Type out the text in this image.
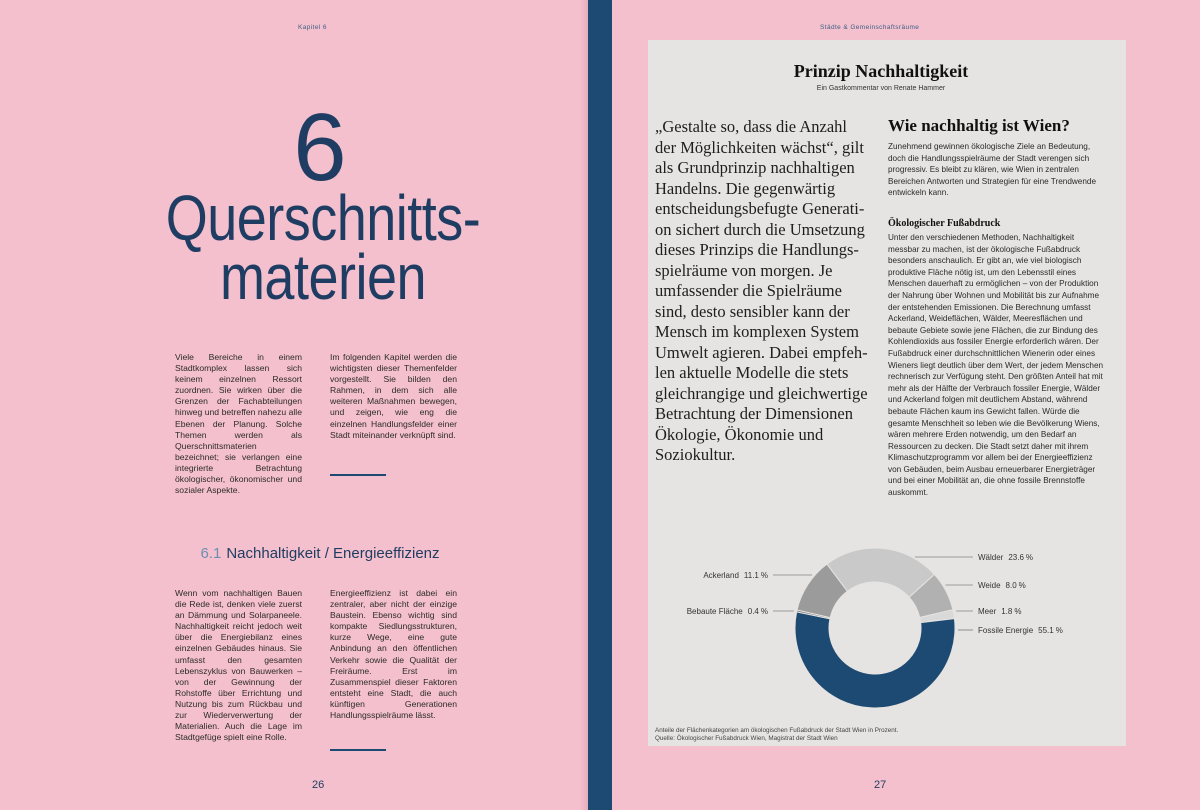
Kapitel 6
6
Querschnitts-
materien
Viele Bereiche in einem Stadtkomplex lassen sich keinem einzelnen Ressort zuordnen. Sie wirken über die Grenzen der Fachabteilungen hinweg und betreffen nahezu alle Ebenen der Planung. Solche Themen werden als Querschnittsmaterien bezeichnet; sie verlangen eine integrierte Betrachtung ökologischer, ökonomischer und sozialer Aspekte.
Im folgenden Kapitel werden die wichtigsten dieser Themenfelder vorgestellt. Sie bilden den Rahmen, in dem sich alle weiteren Maßnahmen bewegen, und zeigen, wie eng die einzelnen Handlungsfelder einer Stadt miteinander verknüpft sind.
6.1 Nachhaltigkeit / Energieeffizienz
Wenn vom nachhaltigen Bauen die Rede ist, denken viele zuerst an Dämmung und Solarpaneele. Nachhaltigkeit reicht jedoch weit über die Energiebilanz eines einzelnen Gebäudes hinaus. Sie umfasst den gesamten Lebenszyklus von Bauwerken – von der Gewinnung der Rohstoffe über Errichtung und Nutzung bis zum Rückbau und zur Wiederverwertung der Materialien. Auch die Lage im Stadtgefüge spielt eine Rolle.
Energieeffizienz ist dabei ein zentraler, aber nicht der einzige Baustein. Ebenso wichtig sind kompakte Siedlungsstrukturen, kurze Wege, eine gute Anbindung an den öffentlichen Verkehr sowie die Qualität der Freiräume. Erst im Zusammenspiel dieser Faktoren entsteht eine Stadt, die auch künftigen Generationen Handlungsspielräume lässt.
26
Städte & Gemeinschaftsräume
Prinzip Nachhaltigkeit
Ein Gastkommentar von Renate Hammer
„Gestalte so, dass die Anzahl
der Möglichkeiten wächst“, gilt
als Grundprinzip nachhaltigen
Handelns. Die gegenwärtig
entscheidungsbefugte Generati-
on sichert durch die Umsetzung
dieses Prinzips die Handlungs-
spielräume von morgen. Je
umfassender die Spielräume
sind, desto sensibler kann der
Mensch im komplexen System
Umwelt agieren. Dabei empfeh-
len aktuelle Modelle die stets
gleichrangige und gleichwertige
Betrachtung der Dimensionen
Ökologie, Ökonomie und
Soziokultur.
Wie nachhaltig ist Wien?
Zunehmend gewinnen ökologische Ziele an Bedeutung, doch die Handlungsspielräume der Stadt verengen sich progressiv. Es bleibt zu klären, wie Wien in zentralen Bereichen Antworten und Strategien für eine Trendwende entwickeln kann.
Ökologischer Fußabdruck
Unter den verschiedenen Methoden, Nachhaltigkeit messbar zu machen, ist der ökologische Fußabdruck besonders anschaulich. Er gibt an, wie viel biologisch produktive Fläche nötig ist, um den Lebensstil eines Menschen dauerhaft zu ermöglichen – von der Produktion der Nahrung über Wohnen und Mobilität bis zur Aufnahme der entstehenden Emissionen. Die Berechnung umfasst Ackerland, Weideflächen, Wälder, Meeresflächen und bebaute Gebiete sowie jene Flächen, die zur Bindung des Kohlendioxids aus fossiler Energie erforderlich wären. Der Fußabdruck einer durchschnittlichen Wienerin oder eines Wieners liegt deutlich über dem Wert, der jedem Menschen rechnerisch zur Verfügung steht. Den größten Anteil hat mit mehr als der Hälfte der Verbrauch fossiler Energie, Wälder und Ackerland folgen mit deutlichem Abstand, während bebaute Flächen kaum ins Gewicht fallen. Würde die gesamte Menschheit so leben wie die Bevölkerung Wiens, wären mehrere Erden notwendig, um den Bedarf an Ressourcen zu decken. Die Stadt setzt daher mit ihrem Klimaschutzprogramm vor allem bei der Energieeffizienz von Gebäuden, beim Ausbau erneuerbarer Energieträger und bei einer Mobilität an, die ohne fossile Brennstoffe auskommt.
Wälder 23.6 %
Weide 8.0 %
Meer 1.8 %
Fossile Energie 55.1 %
Bebaute Fläche 0.4 %
Ackerland 11.1 %
Anteile der Flächenkategorien am ökologischen Fußabdruck der Stadt Wien in Prozent.
Quelle: Ökologischer Fußabdruck Wien, Magistrat der Stadt Wien
27
